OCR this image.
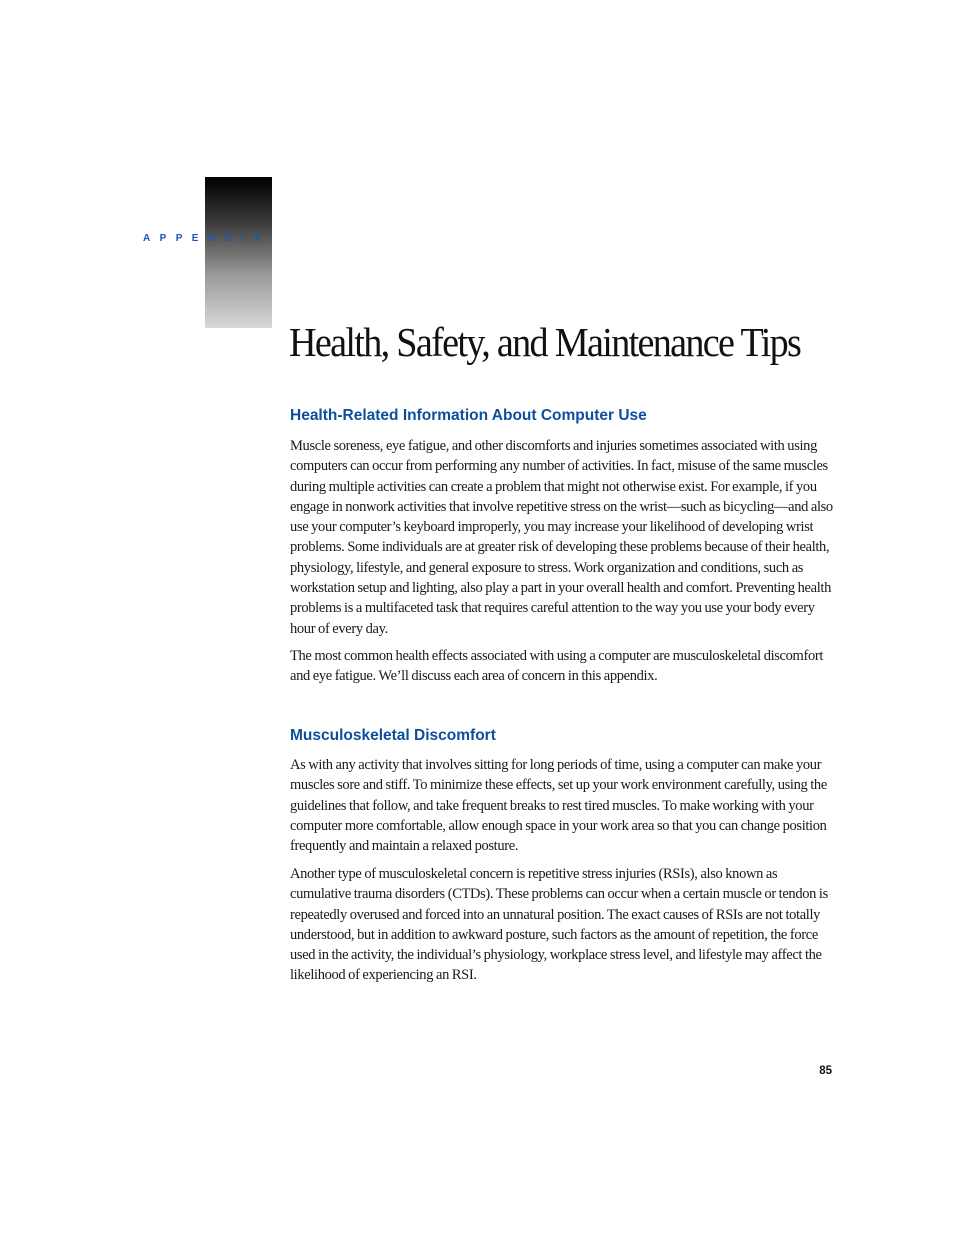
APPENDIX
Health, Safety, and Maintenance Tips
Health-Related Information About Computer Use

Muscle soreness, eye fatigue, and other discomforts and injuries sometimes associated with using computers can occur from performing any number of activities. In fact, misuse of the same muscles during multiple activities can create a problem that might not otherwise exist. For example, if you engage in nonwork activities that involve repetitive stress on the wrist—such as bicycling—and also use your computer’s keyboard improperly, you may increase your likelihood of developing wrist problems. Some individuals are at greater risk of developing these problems because of their health, physiology, lifestyle, and general exposure to stress. Work organization and conditions, such as workstation setup and lighting, also play a part in your overall health and comfort. Preventing health problems is a multifaceted task that requires careful attention to the way you use your body every hour of every day.

The most common health effects associated with using a computer are musculoskeletal discomfort and eye fatigue. We’ll discuss each area of concern in this appendix.

Musculoskeletal Discomfort

As with any activity that involves sitting for long periods of time, using a computer can make your muscles sore and stiff. To minimize these effects, set up your work environment carefully, using the guidelines that follow, and take frequent breaks to rest tired muscles. To make working with your computer more comfortable, allow enough space in your work area so that you can change position frequently and maintain a relaxed posture.

Another type of musculoskeletal concern is repetitive stress injuries (RSIs), also known as cumulative trauma disorders (CTDs). These problems can occur when a certain muscle or tendon is repeatedly overused and forced into an unnatural position. The exact causes of RSIs are not totally understood, but in addition to awkward posture, such factors as the amount of repetition, the force used in the activity, the individual’s physiology, workplace stress level, and lifestyle may affect the likelihood of experiencing an RSI.

85
